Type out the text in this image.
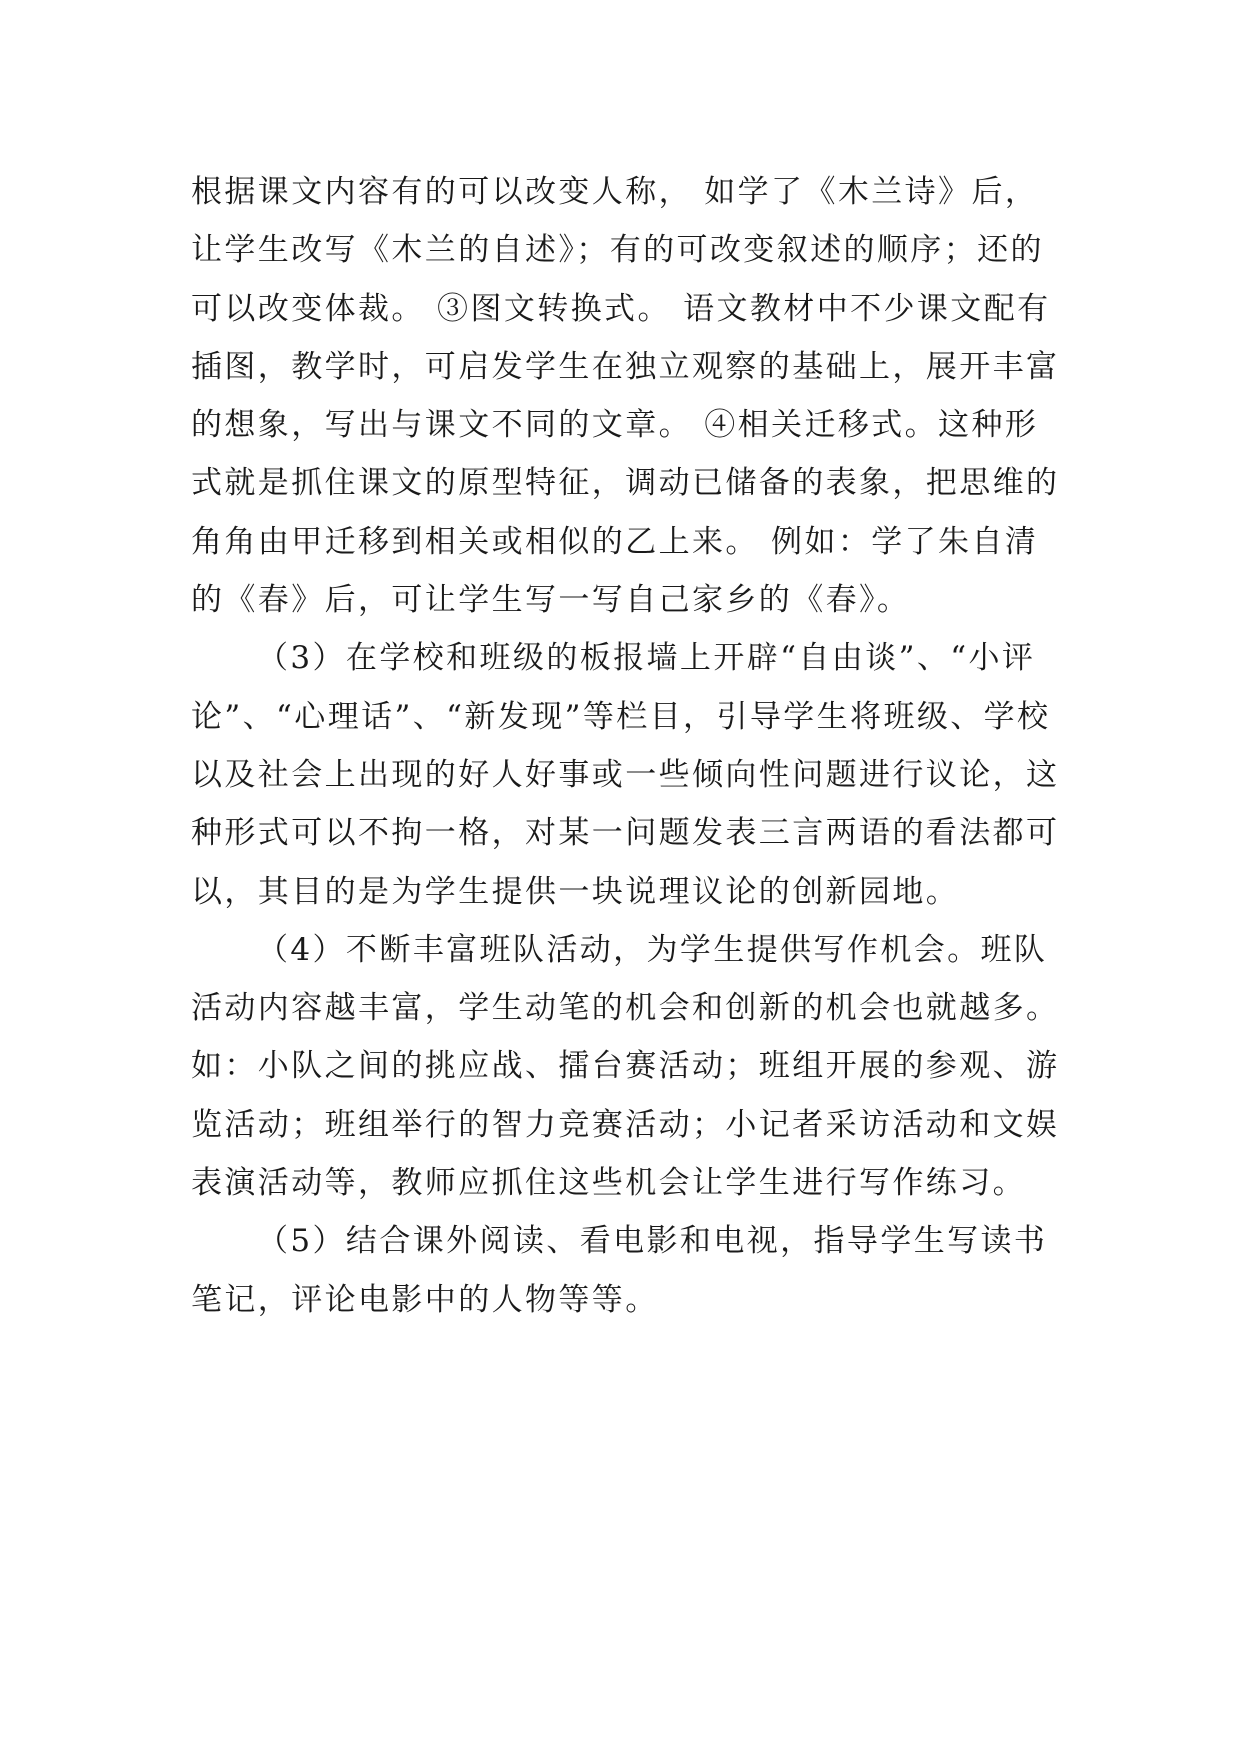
根据课文内容有的可以改变人称， 如学了《木兰诗》后，
让学生改写《木兰的自述》；有的可改变叙述的顺序；还的
可以改变体裁。 ③图文转换式。 语文教材中不少课文配有
插图，教学时，可启发学生在独立观察的基础上，展开丰富
的想象，写出与课文不同的文章。 ④相关迁移式。这种形
式就是抓住课文的原型特征，调动已储备的表象，把思维的
角角由甲迁移到相关或相似的乙上来。 例如：学了朱自清
的《春》后，可让学生写一写自己家乡的《春》。
（3）在学校和班级的板报墙上开辟“自由谈”、“小评
论”、“心理话”、“新发现”等栏目，引导学生将班级、学校
以及社会上出现的好人好事或一些倾向性问题进行议论，这
种形式可以不拘一格，对某一问题发表三言两语的看法都可
以，其目的是为学生提供一块说理议论的创新园地。
（4）不断丰富班队活动，为学生提供写作机会。班队
活动内容越丰富，学生动笔的机会和创新的机会也就越多。
如：小队之间的挑应战、擂台赛活动；班组开展的参观、游
览活动；班组举行的智力竞赛活动；小记者采访活动和文娱
表演活动等，教师应抓住这些机会让学生进行写作练习。
（5）结合课外阅读、看电影和电视，指导学生写读书
笔记，评论电影中的人物等等。
